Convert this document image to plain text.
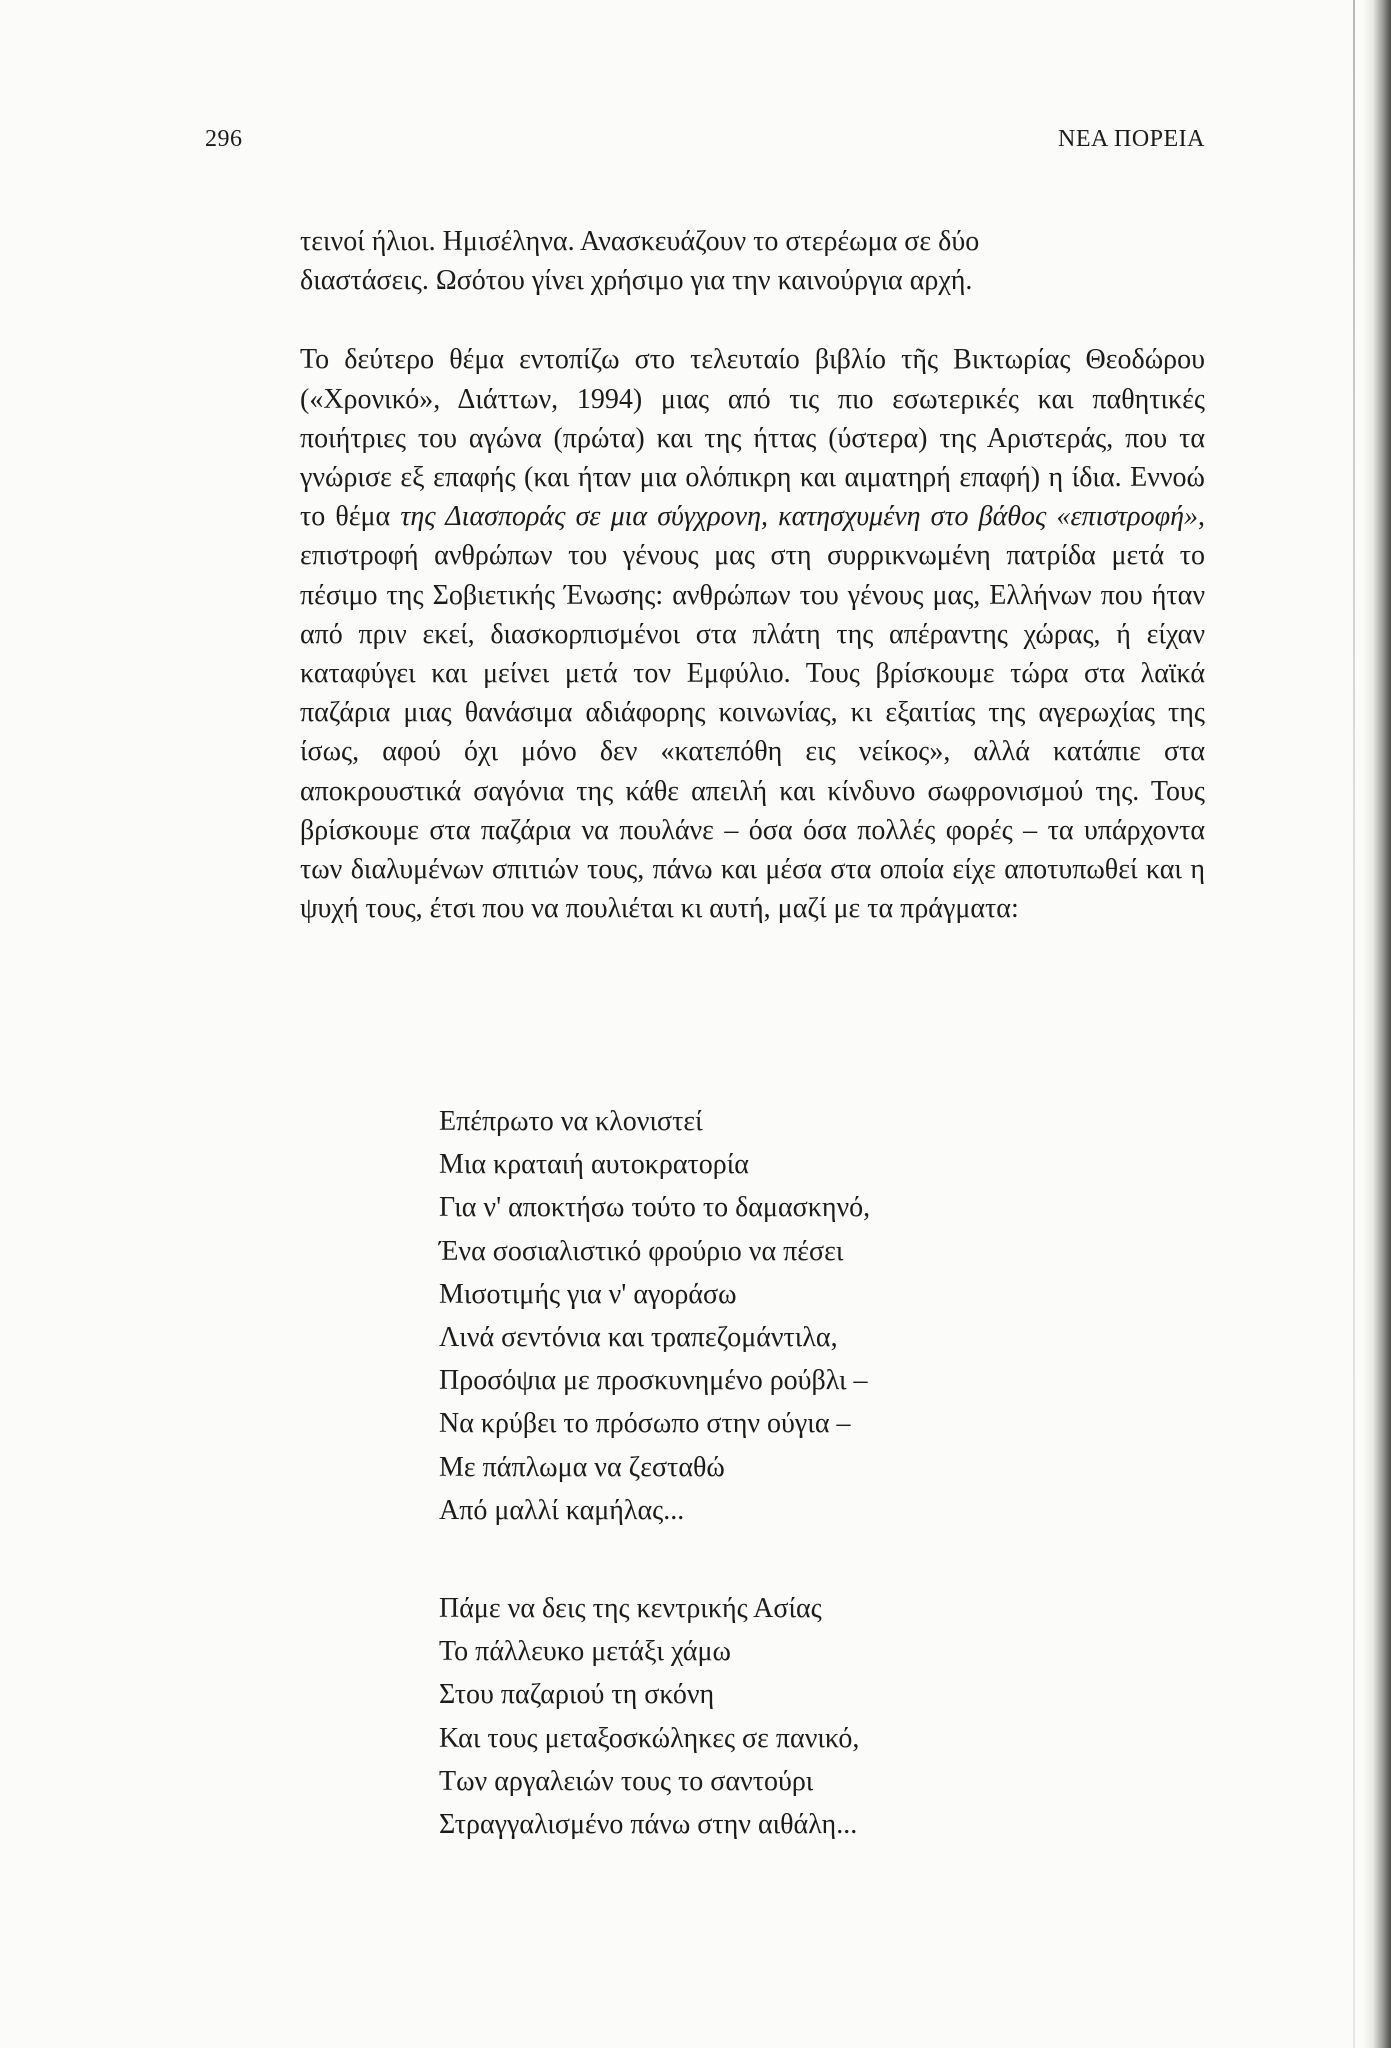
296	ΝΕΑ ΠΟΡΕΙΑ

τεινοί ήλιοι. Ημισέληνα. Ανασκευάζουν το στερέωμα σε δύο
διαστάσεις. Ωσότου γίνει χρήσιμο για την καινούργια αρχή.

Το δεύτερο θέμα εντοπίζω στο τελευταίο βιβλίο τῆς Βικτωρίας Θεοδώρου («Χρονικό», Διάττων, 1994) μιας από τις πιο εσωτερικές και παθητικές ποιήτριες του αγώνα (πρώτα) και της ήττας (ύστερα) της Αριστεράς, που τα γνώρισε εξ επαφής (και ήταν μια ολόπικρη και αιματηρή επαφή) η ίδια. Εννοώ το θέμα της Διασποράς σε μια σύγχρονη, κατησχυμένη στο βάθος «επιστροφή», επιστροφή ανθρώπων του γένους μας στη συρρικνωμένη πατρίδα μετά το πέσιμο της Σοβιετικής Ένωσης: ανθρώπων του γένους μας, Ελλήνων που ήταν από πριν εκεί, διασκορπισμένοι στα πλάτη της απέραντης χώρας, ή είχαν καταφύγει και μείνει μετά τον Εμφύλιο. Τους βρίσκουμε τώρα στα λαϊκά παζάρια μιας θανάσιμα αδιάφορης κοινωνίας, κι εξαιτίας της αγερωχίας της ίσως, αφού όχι μόνο δεν «κατεπόθη εις νείκος», αλλά κατάπιε στα αποκρουστικά σαγόνια της κάθε απειλή και κίνδυνο σωφρονισμού της. Τους βρίσκουμε στα παζάρια να πουλάνε – όσα όσα πολλές φορές – τα υπάρχοντα των διαλυμένων σπιτιών τους, πάνω και μέσα στα οποία είχε αποτυπωθεί και η ψυχή τους, έτσι που να πουλιέται κι αυτή, μαζί με τα πράγματα:

Επέπρωτο να κλονιστεί
Μια κραταιή αυτοκρατορία
Για ν' αποκτήσω τούτο το δαμασκηνό,
Ένα σοσιαλιστικό φρούριο να πέσει
Μισοτιμής για ν' αγοράσω
Λινά σεντόνια και τραπεζομάντιλα,
Προσόψια με προσκυνημένο ρούβλι –
Να κρύβει το πρόσωπο στην ούγια –
Με πάπλωμα να ζεσταθώ
Από μαλλί καμήλας...
Πάμε να δεις της κεντρικής Ασίας
Το πάλλευκο μετάξι χάμω
Στου παζαριού τη σκόνη
Και τους μεταξοσκώληκες σε πανικό,
Των αργαλειών τους το σαντούρι
Στραγγαλισμένο πάνω στην αιθάλη...
